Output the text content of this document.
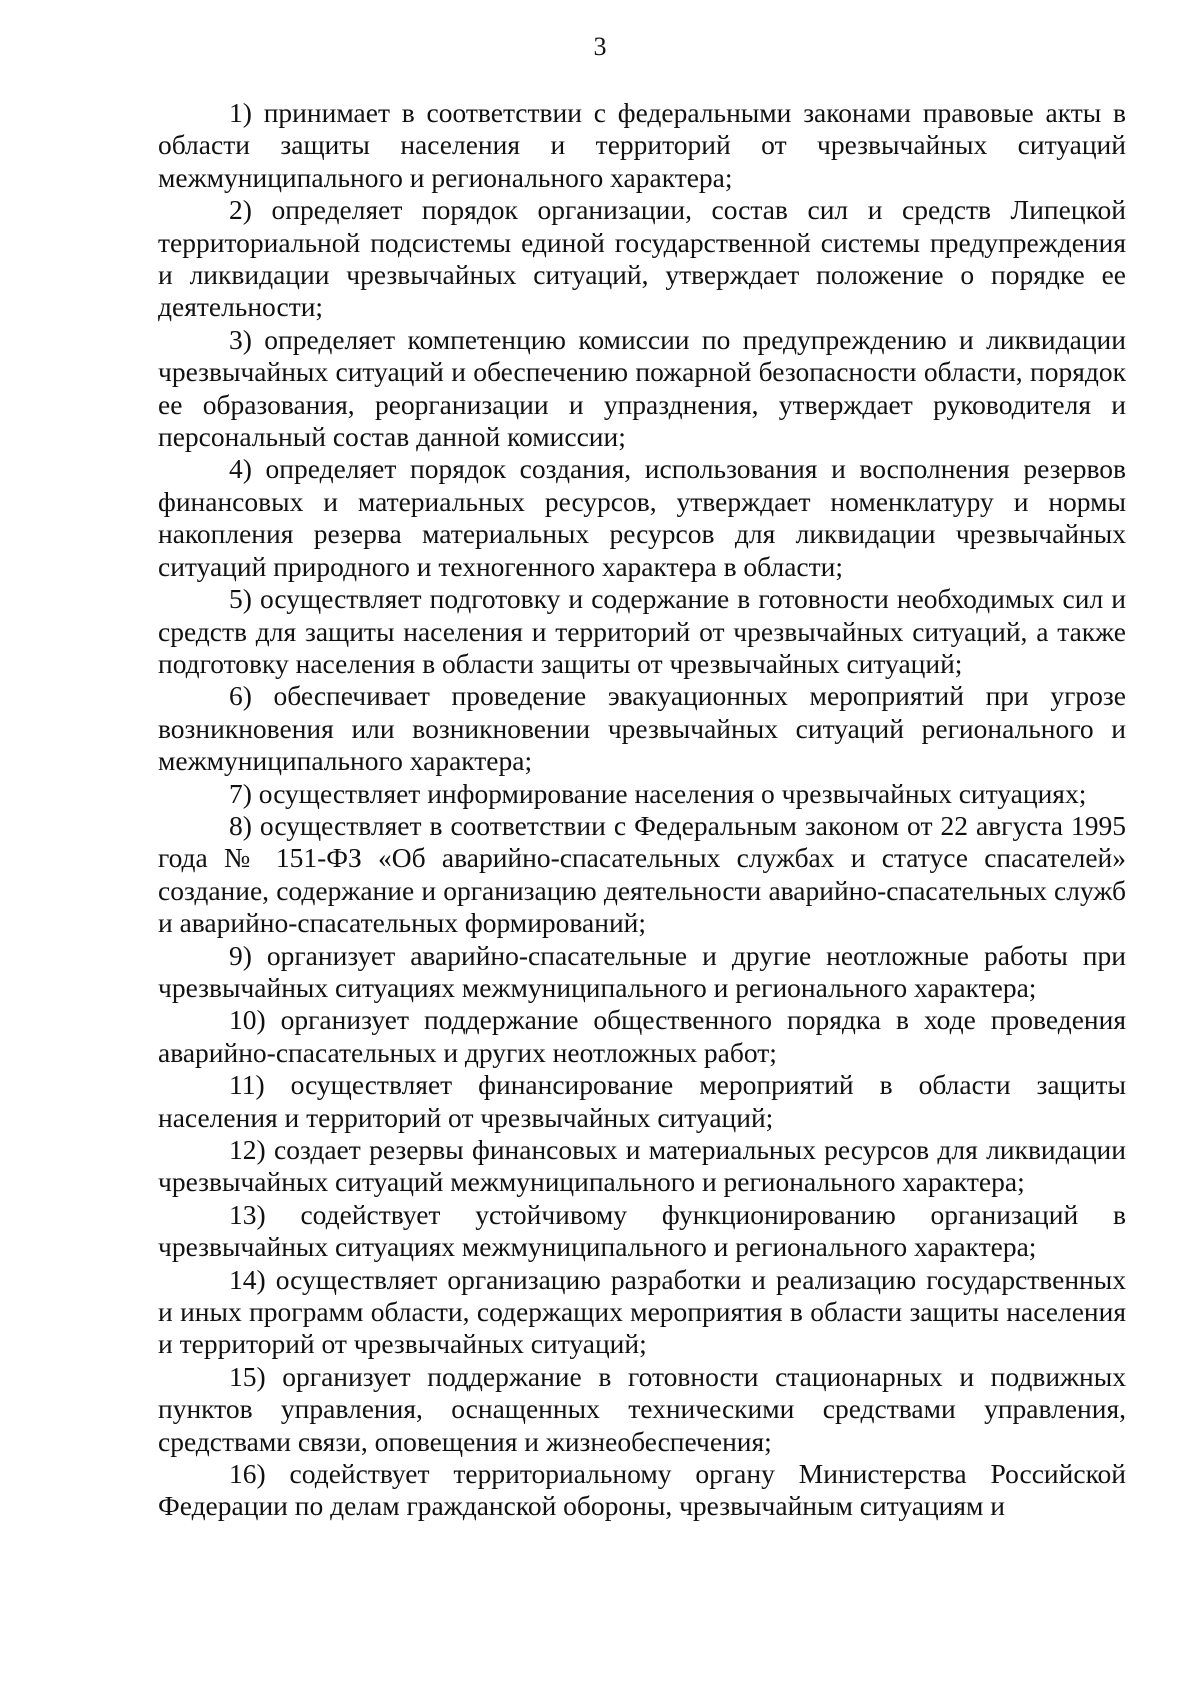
3

1) принимает в соответствии с федеральными законами правовые акты в области защиты населения и территорий от чрезвычайных ситуаций межмуниципального и регионального характера;

2) определяет порядок организации, состав сил и средств Липецкой территориальной подсистемы единой государственной системы предупреждения и ликвидации чрезвычайных ситуаций, утверждает положение о порядке ее деятельности;

3) определяет компетенцию комиссии по предупреждению и ликвидации чрезвычайных ситуаций и обеспечению пожарной безопасности области, порядок ее образования, реорганизации и упразднения, утверждает руководителя и персональный состав данной комиссии;

4) определяет порядок создания, использования и восполнения резервов финансовых и материальных ресурсов, утверждает номенклатуру и нормы накопления резерва материальных ресурсов для ликвидации чрезвычайных ситуаций природного и техногенного характера в области;

5) осуществляет подготовку и содержание в готовности необходимых сил и средств для защиты населения и территорий от чрезвычайных ситуаций, а также подготовку населения в области защиты от чрезвычайных ситуаций;

6) обеспечивает проведение эвакуационных мероприятий при угрозе возникновения или возникновении чрезвычайных ситуаций регионального и межмуниципального характера;

7) осуществляет информирование населения о чрезвычайных ситуациях;

8) осуществляет в соответствии с Федеральным законом от 22 августа 1995 года № 151-ФЗ «Об аварийно-спасательных службах и статусе спасателей» создание, содержание и организацию деятельности аварийно-спасательных служб и аварийно-спасательных формирований;

9) организует аварийно-спасательные и другие неотложные работы при чрезвычайных ситуациях межмуниципального и регионального характера;

10) организует поддержание общественного порядка в ходе проведения аварийно-спасательных и других неотложных работ;

11) осуществляет финансирование мероприятий в области защиты населения и территорий от чрезвычайных ситуаций;

12) создает резервы финансовых и материальных ресурсов для ликвидации чрезвычайных ситуаций межмуниципального и регионального характера;

13) содействует устойчивому функционированию организаций в чрезвычайных ситуациях межмуниципального и регионального характера;

14) осуществляет организацию разработки и реализацию государственных и иных программ области, содержащих мероприятия в области защиты населения и территорий от чрезвычайных ситуаций;

15) организует поддержание в готовности стационарных и подвижных пунктов управления, оснащенных техническими средствами управления, средствами связи, оповещения и жизнеобеспечения;

16) содействует территориальному органу Министерства Российской Федерации по делам гражданской обороны, чрезвычайным ситуациям и
